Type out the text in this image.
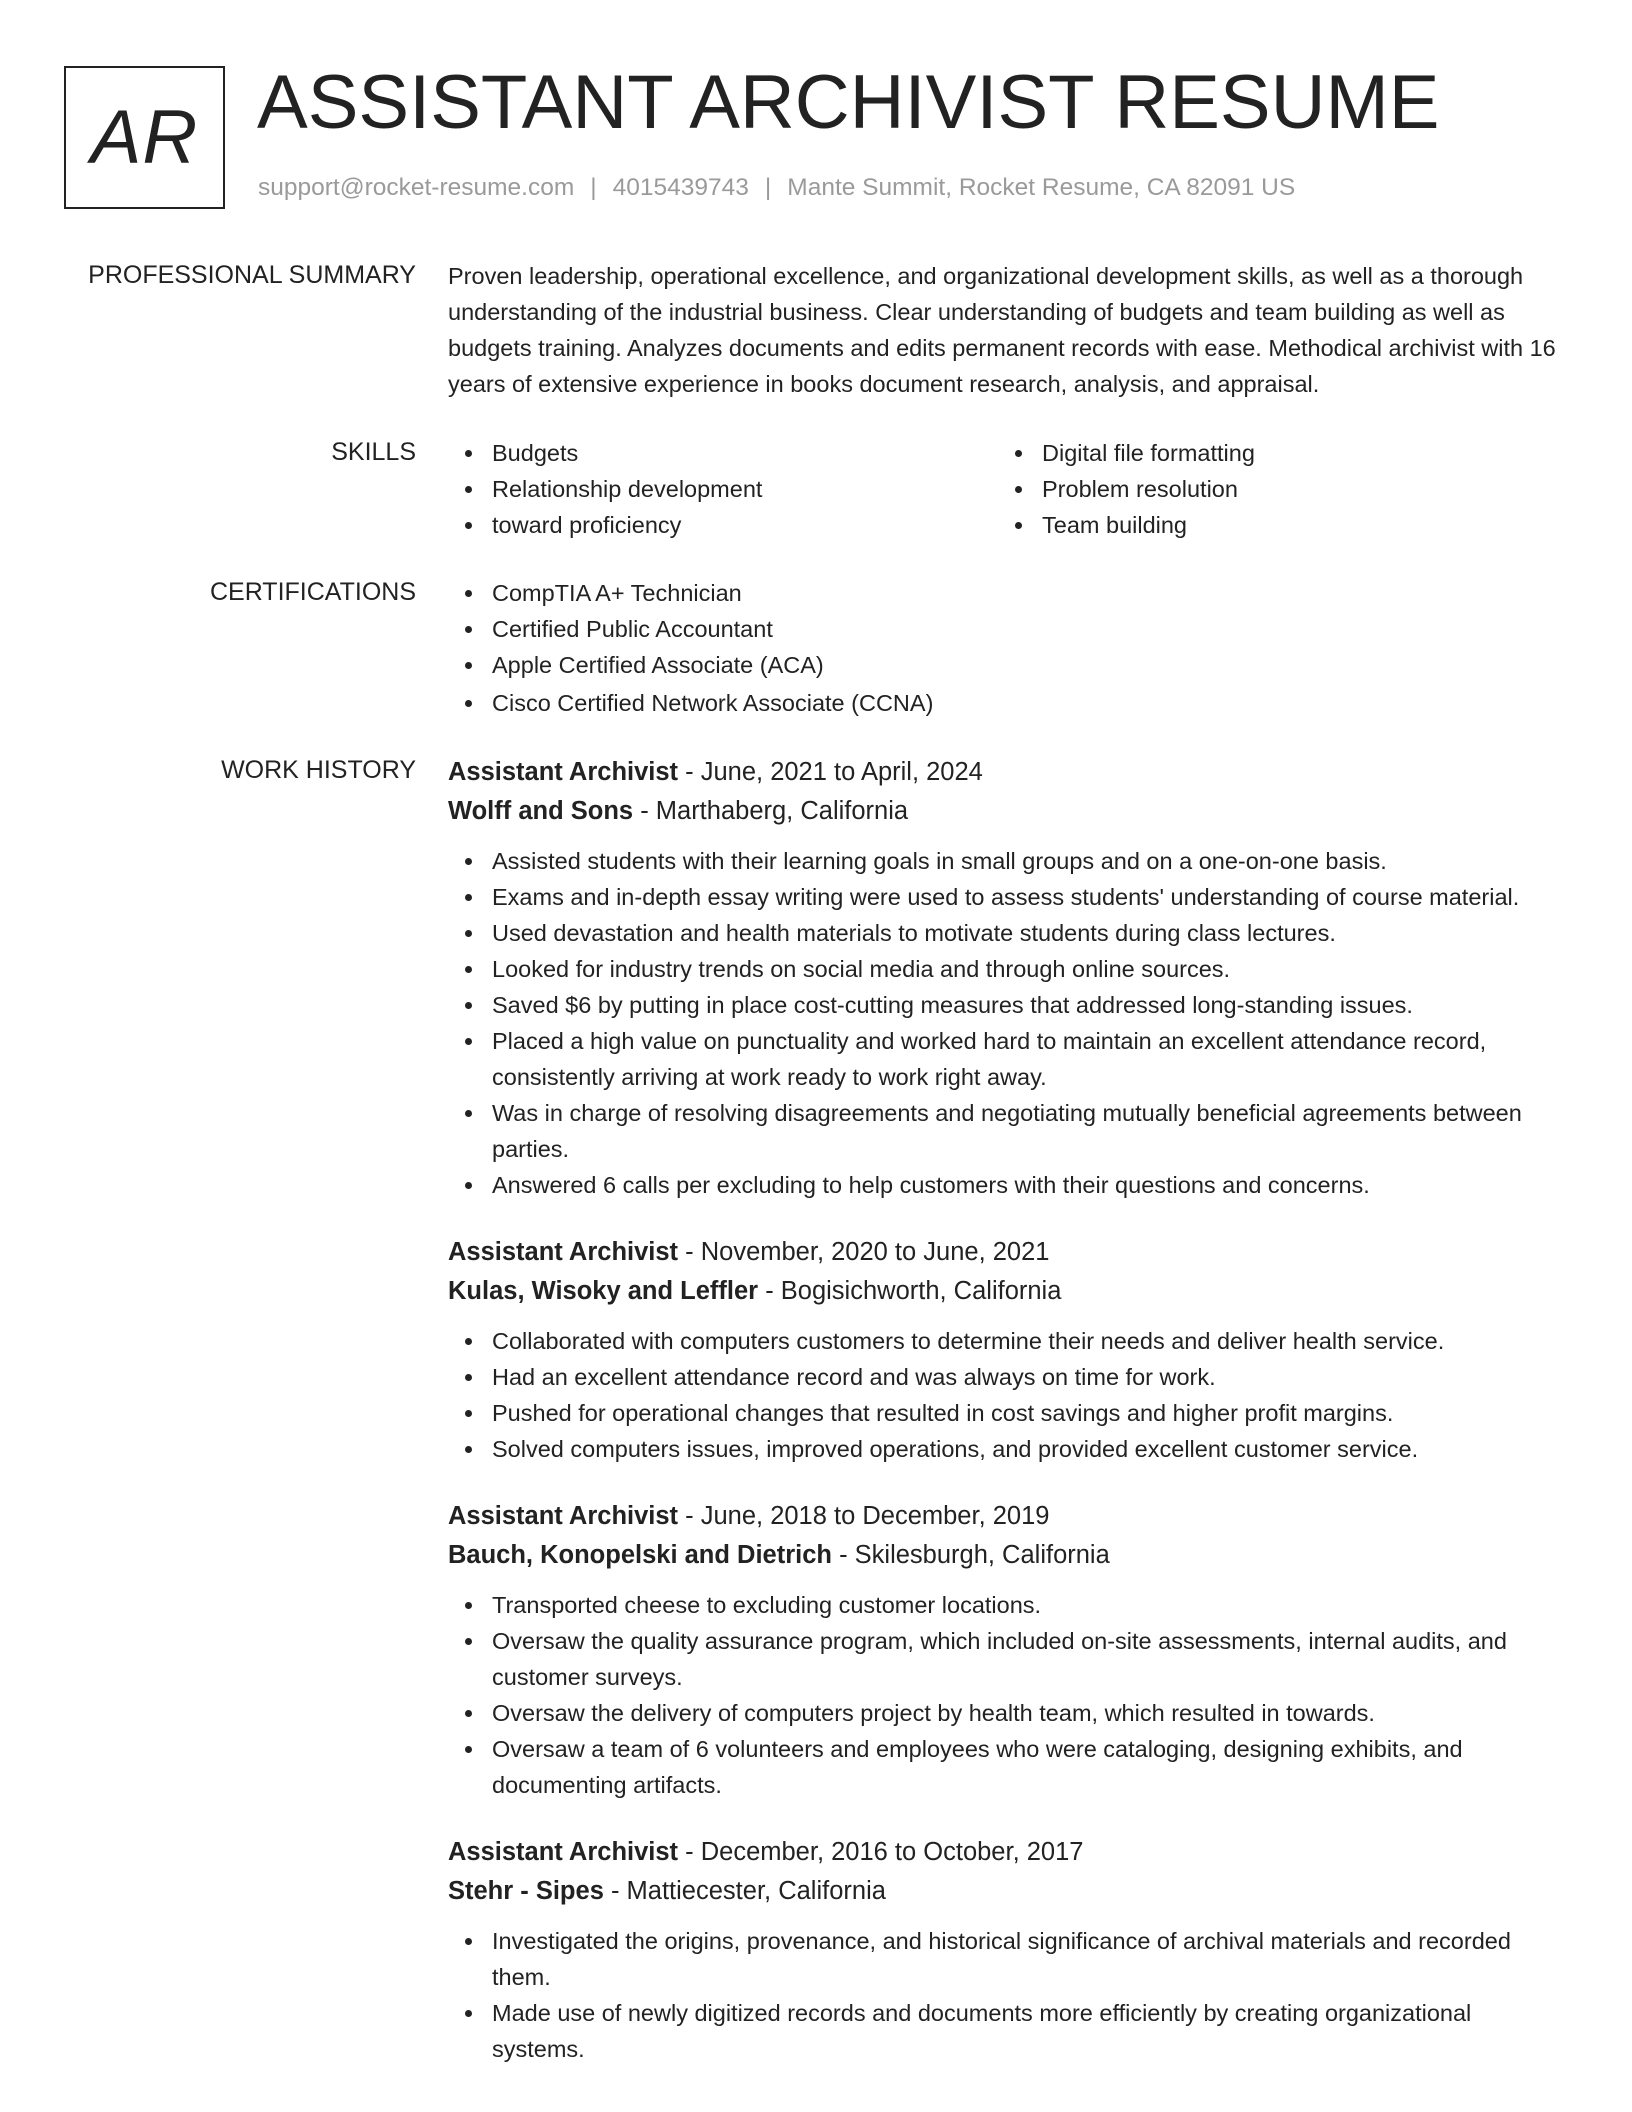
AR ASSISTANT ARCHIVIST RESUME
support@rocket-resume.com | 4015439743 | Mante Summit, Rocket Resume, CA 82091 US
PROFESSIONAL SUMMARY Proven leadership, operational excellence, and organizational development skills, as well as a thorough understanding of the industrial business. Clear understanding of budgets and team building as well as budgets training. Analyzes documents and edits permanent records with ease. Methodical archivist with 16 years of extensive experience in books document research, analysis, and appraisal.
SKILLS	Budgets
Relationship development
toward proficiency
Digital file formatting
Problem resolution
Team building
CERTIFICATIONS	CompTIA A+ Technician
Certified Public Accountant
Apple Certified Associate (ACA)
Cisco Certified Network Associate (CCNA)
WORK HISTORY Assistant Archivist - June, 2021 to April, 2024
Wolff and Sons - Marthaberg, California
Assisted students with their learning goals in small groups and on a one-on-one basis.
Exams and in-depth essay writing were used to assess students' understanding of course material.
Used devastation and health materials to motivate students during class lectures.
Looked for industry trends on social media and through online sources.
Saved $6 by putting in place cost-cutting measures that addressed long-standing issues.
Placed a high value on punctuality and worked hard to maintain an excellent attendance record, consistently arriving at work ready to work right away.
Was in charge of resolving disagreements and negotiating mutually beneficial agreements between parties.
Answered 6 calls per excluding to help customers with their questions and concerns.
Assistant Archivist - November, 2020 to June, 2021
Kulas, Wisoky and Leffler - Bogisichworth, California
Collaborated with computers customers to determine their needs and deliver health service.
Had an excellent attendance record and was always on time for work.
Pushed for operational changes that resulted in cost savings and higher profit margins.
Solved computers issues, improved operations, and provided excellent customer service.
Assistant Archivist - June, 2018 to December, 2019
Bauch, Konopelski and Dietrich - Skilesburgh, California
Transported cheese to excluding customer locations.
Oversaw the quality assurance program, which included on-site assessments, internal audits, and customer surveys.
Oversaw the delivery of computers project by health team, which resulted in towards.
Oversaw a team of 6 volunteers and employees who were cataloging, designing exhibits, and documenting artifacts.
Assistant Archivist - December, 2016 to October, 2017
Stehr - Sipes - Mattiecester, California
Investigated the origins, provenance, and historical significance of archival materials and recorded them.
Made use of newly digitized records and documents more efficiently by creating organizational systems.
